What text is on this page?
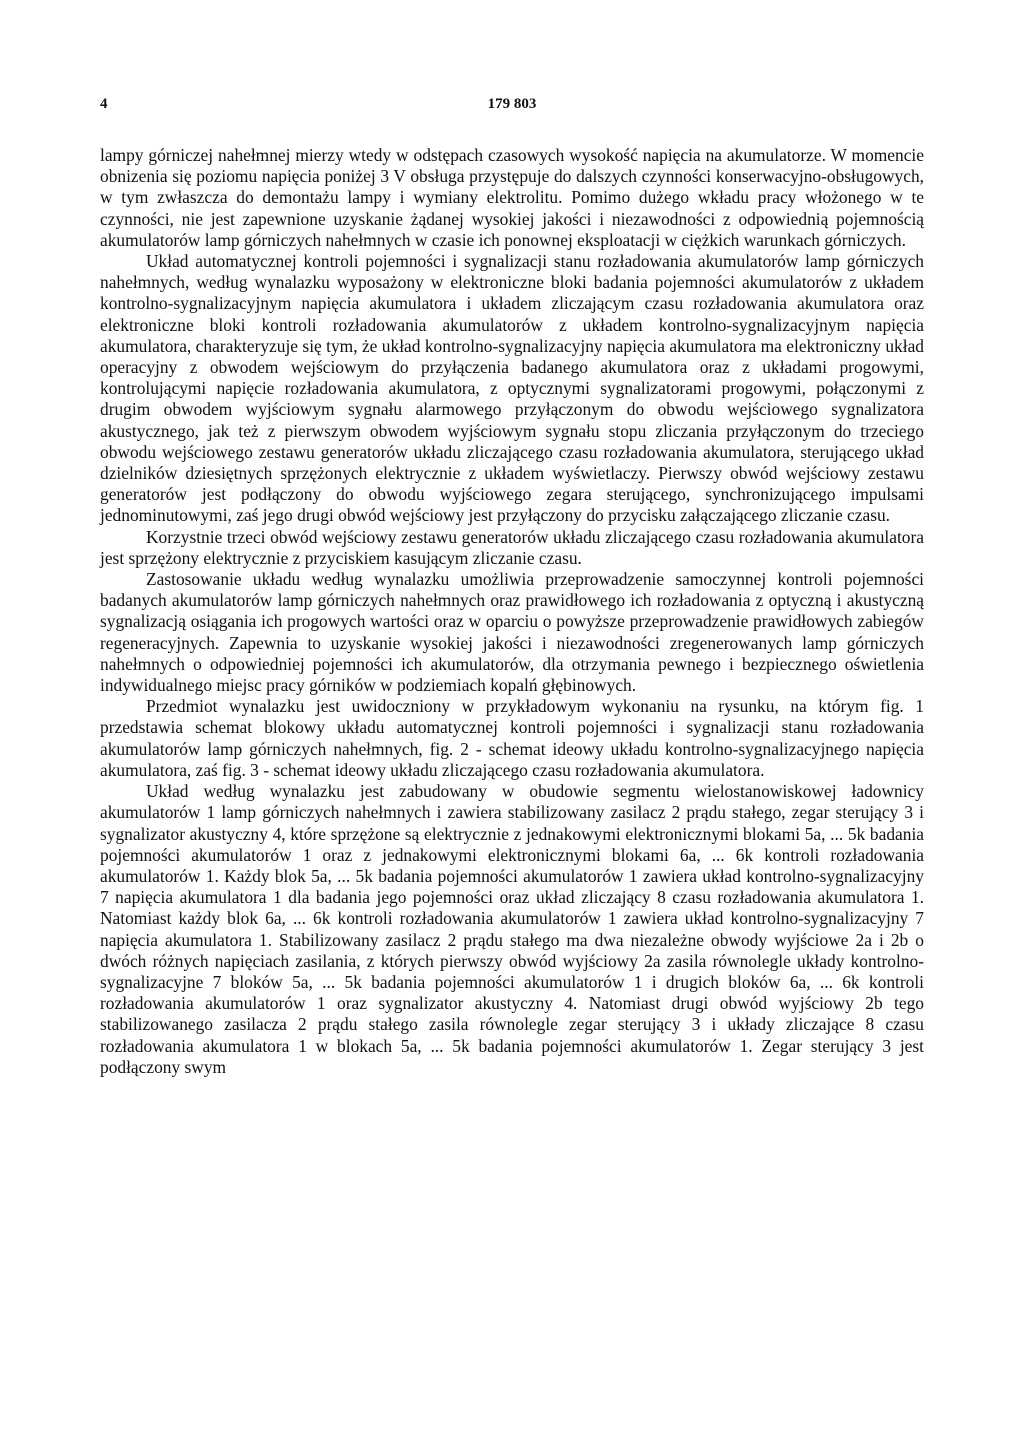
4	179 803

lampy górniczej nahełmnej mierzy wtedy w odstępach czasowych wysokość napięcia na akumulatorze. W momencie obnizenia się poziomu napięcia poniżej 3 V obsługa przystępuje do dalszych czynności konserwacyjno-obsługowych, w tym zwłaszcza do demontażu lampy i wymiany elektrolitu. Pomimo dużego wkładu pracy włożonego w te czynności, nie jest zapewnione uzyskanie żądanej wysokiej jakości i niezawodności z odpowiednią pojemnością akumulatorów lamp górniczych nahełmnych w czasie ich ponownej eksploatacji w ciężkich warunkach górniczych.

Układ automatycznej kontroli pojemności i sygnalizacji stanu rozładowania akumulatorów lamp górniczych nahełmnych, według wynalazku wyposażony w elektroniczne bloki badania pojemności akumulatorów z układem kontrolno-sygnalizacyjnym napięcia akumulatora i układem zliczającym czasu rozładowania akumulatora oraz elektroniczne bloki kontroli rozładowania akumulatorów z układem kontrolno-sygnalizacyjnym napięcia akumulatora, charakteryzuje się tym, że układ kontrolno-sygnalizacyjny napięcia akumulatora ma elektroniczny układ operacyjny z obwodem wejściowym do przyłączenia badanego akumulatora oraz z układami progowymi, kontrolującymi napięcie rozładowania akumulatora, z optycznymi sygnalizatorami progowymi, połączonymi z drugim obwodem wyjściowym sygnału alarmowego przyłączonym do obwodu wejściowego sygnalizatora akustycznego, jak też z pierwszym obwodem wyjściowym sygnału stopu zliczania przyłączonym do trzeciego obwodu wejściowego zestawu generatorów układu zliczającego czasu rozładowania akumulatora, sterującego układ dzielników dziesiętnych sprzężonych elektrycznie z układem wyświetlaczy. Pierwszy obwód wejściowy zestawu generatorów jest podłączony do obwodu wyjściowego zegara sterującego, synchronizującego impulsami jednominutowymi, zaś jego drugi obwód wejściowy jest przyłączony do przycisku załączającego zliczanie czasu.

Korzystnie trzeci obwód wejściowy zestawu generatorów układu zliczającego czasu rozładowania akumulatora jest sprzężony elektrycznie z przyciskiem kasującym zliczanie czasu.

Zastosowanie układu według wynalazku umożliwia przeprowadzenie samoczynnej kontroli pojemności badanych akumulatorów lamp górniczych nahełmnych oraz prawidłowego ich rozładowania z optyczną i akustyczną sygnalizacją osiągania ich progowych wartości oraz w oparciu o powyższe przeprowadzenie prawidłowych zabiegów regeneracyjnych. Zapewnia to uzyskanie wysokiej jakości i niezawodności zregenerowanych lamp górniczych nahełmnych o odpowiedniej pojemności ich akumulatorów, dla otrzymania pewnego i bezpiecznego oświetlenia indywidualnego miejsc pracy górników w podziemiach kopalń głębinowych.

Przedmiot wynalazku jest uwidoczniony w przykładowym wykonaniu na rysunku, na którym fig. 1 przedstawia schemat blokowy układu automatycznej kontroli pojemności i sygnalizacji stanu rozładowania akumulatorów lamp górniczych nahełmnych, fig. 2 - schemat ideowy układu kontrolno-sygnalizacyjnego napięcia akumulatora, zaś fig. 3 - schemat ideowy układu zliczającego czasu rozładowania akumulatora.

Układ według wynalazku jest zabudowany w obudowie segmentu wielostanowiskowej ładownicy akumulatorów 1 lamp górniczych nahełmnych i zawiera stabilizowany zasilacz 2 prądu stałego, zegar sterujący 3 i sygnalizator akustyczny 4, które sprzężone są elektrycznie z jednakowymi elektronicznymi blokami 5a, ... 5k badania pojemności akumulatorów 1 oraz z jednakowymi elektronicznymi blokami 6a, ... 6k kontroli rozładowania akumulatorów 1. Każdy blok 5a, ... 5k badania pojemności akumulatorów 1 zawiera układ kontrolno-sygnalizacyjny 7 napięcia akumulatora 1 dla badania jego pojemności oraz układ zliczający 8 czasu rozładowania akumulatora 1. Natomiast każdy blok 6a, ... 6k kontroli rozładowania akumulatorów 1 zawiera układ kontrolno-sygnalizacyjny 7 napięcia akumulatora 1. Stabilizowany zasilacz 2 prądu stałego ma dwa niezależne obwody wyjściowe 2a i 2b o dwóch różnych napięciach zasilania, z których pierwszy obwód wyjściowy 2a zasila równolegle układy kontrolno-sygnalizacyjne 7 bloków 5a, ... 5k badania pojemności akumulatorów 1 i drugich bloków 6a, ... 6k kontroli rozładowania akumulatorów 1 oraz sygnalizator akustyczny 4. Natomiast drugi obwód wyjściowy 2b tego stabilizowanego zasilacza 2 prądu stałego zasila równolegle zegar sterujący 3 i układy zliczające 8 czasu rozładowania akumulatora 1 w blokach 5a, ... 5k badania pojemności akumulatorów 1. Zegar sterujący 3 jest podłączony swym
